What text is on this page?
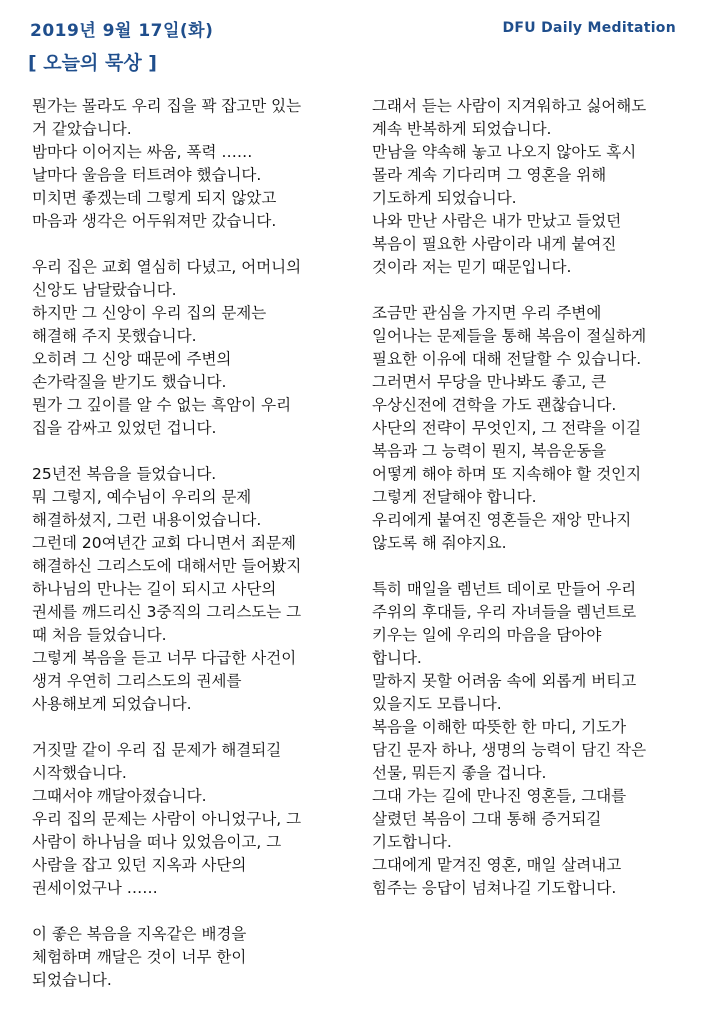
2019년 9월 17일(화)	DFU Daily Meditation
[ 오늘의 묵상 ]
뭔가는 몰라도 우리 집을 꽉 잡고만 있는
거 같았습니다.
밤마다 이어지는 싸움, 폭력 ……
날마다 울음을 터트려야 했습니다.
미치면 좋겠는데 그렇게 되지 않았고
마음과 생각은 어두워져만 갔습니다.
우리 집은 교회 열심히 다녔고, 어머니의
신앙도 남달랐습니다.
하지만 그 신앙이 우리 집의 문제는
해결해 주지 못했습니다.
오히려 그 신앙 때문에 주변의
손가락질을 받기도 했습니다.
뭔가 그 깊이를 알 수 없는 흑암이 우리
집을 감싸고 있었던 겁니다.
25년전 복음을 들었습니다.
뭐 그렇지, 예수님이 우리의 문제
해결하셨지, 그런 내용이었습니다.
그런데 20여년간 교회 다니면서 죄문제
해결하신 그리스도에 대해서만 들어봤지
하나님의 만나는 길이 되시고 사단의
권세를 깨드리신 3중직의 그리스도는 그
때 처음 들었습니다.
그렇게 복음을 듣고 너무 다급한 사건이
생겨 우연히 그리스도의 권세를
사용해보게 되었습니다.
거짓말 같이 우리 집 문제가 해결되길
시작했습니다.
그때서야 깨달아졌습니다.
우리 집의 문제는 사람이 아니었구나, 그
사람이 하나님을 떠나 있었음이고, 그
사람을 잡고 있던 지옥과 사단의
권세이었구나 ……
이 좋은 복음을 지옥같은 배경을
체험하며 깨달은 것이 너무 한이
되었습니다.
그래서 듣는 사람이 지겨워하고 싫어해도
계속 반복하게 되었습니다.
만남을 약속해 놓고 나오지 않아도 혹시
몰라 계속 기다리며 그 영혼을 위해
기도하게 되었습니다.
나와 만난 사람은 내가 만났고 들었던
복음이 필요한 사람이라 내게 붙여진
것이라 저는 믿기 때문입니다.
조금만 관심을 가지면 우리 주변에
일어나는 문제들을 통해 복음이 절실하게
필요한 이유에 대해 전달할 수 있습니다.
그러면서 무당을 만나봐도 좋고, 큰
우상신전에 견학을 가도 괜찮습니다.
사단의 전략이 무엇인지, 그 전략을 이길
복음과 그 능력이 뭔지, 복음운동을
어떻게 해야 하며 또 지속해야 할 것인지
그렇게 전달해야 합니다.
우리에게 붙여진 영혼들은 재앙 만나지
않도록 해 줘야지요.
특히 매일을 렘넌트 데이로 만들어 우리
주위의 후대들, 우리 자녀들을 렘넌트로
키우는 일에 우리의 마음을 담아야
합니다.
말하지 못할 어려움 속에 외롭게 버티고
있을지도 모릅니다.
복음을 이해한 따뜻한 한 마디, 기도가
담긴 문자 하나, 생명의 능력이 담긴 작은
선물, 뭐든지 좋을 겁니다.
그대 가는 길에 만나진 영혼들, 그대를
살렸던 복음이 그대 통해 증거되길
기도합니다.
그대에게 맡겨진 영혼, 매일 살려내고
힘주는 응답이 넘쳐나길 기도합니다.
